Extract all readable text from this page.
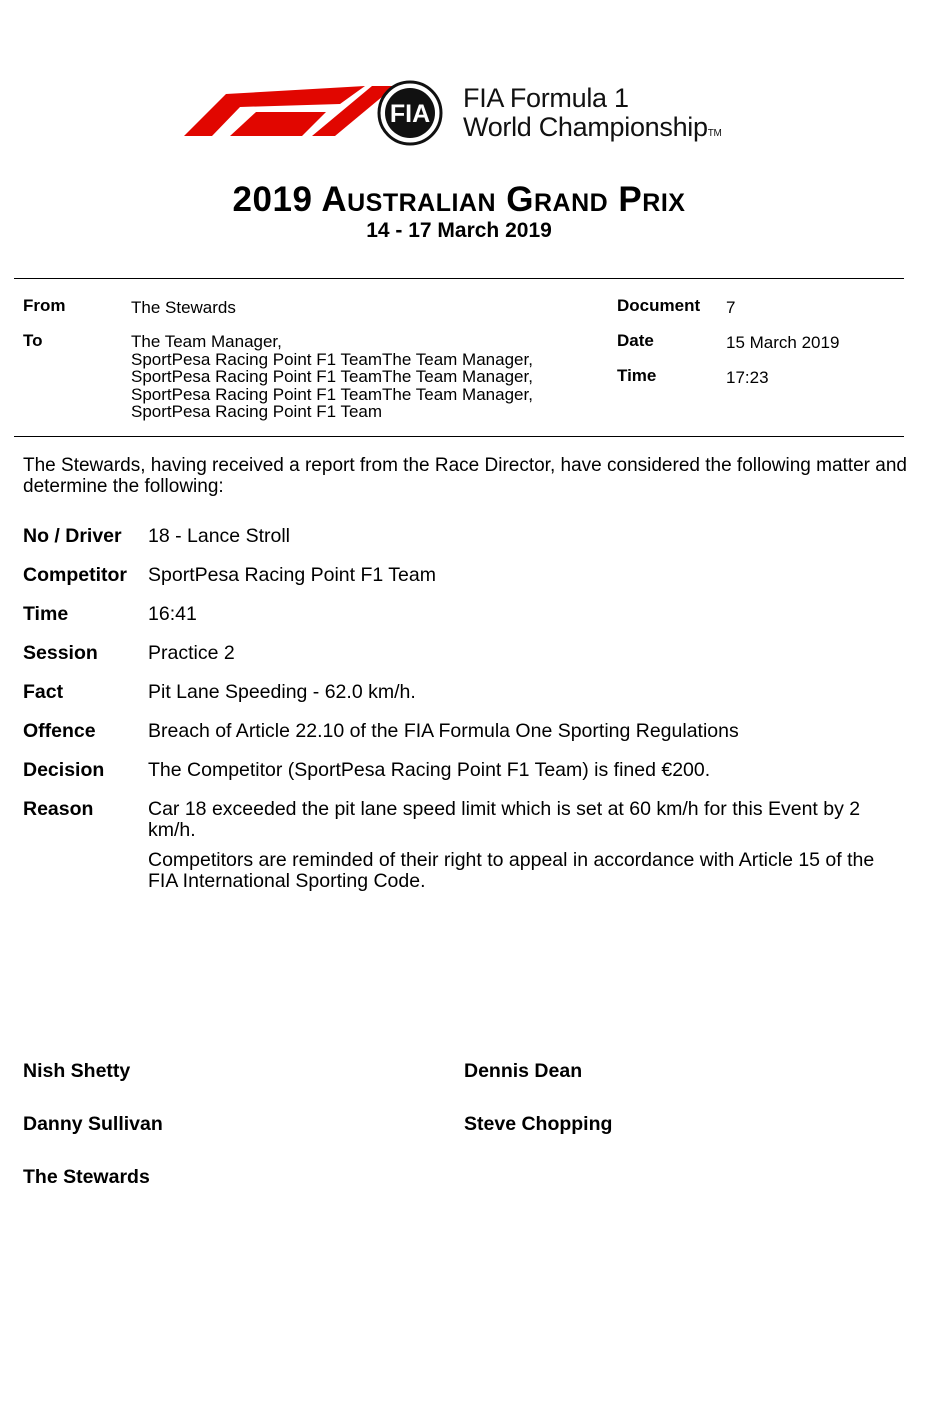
FIA
FIA Formula 1
World ChampionshipTM
2019 Australian Grand Prix
14 - 17 March 2019
From	The Stewards
To	The Team Manager,
SportPesa Racing Point F1 TeamThe Team Manager,
SportPesa Racing Point F1 TeamThe Team Manager,
SportPesa Racing Point F1 TeamThe Team Manager,
SportPesa Racing Point F1 Team
Document 7
Date	15 March 2019
Time	17:23
The Stewards, having received a report from the Race Director, have considered the following matter and determine the following:
No / Driver 18 - Lance Stroll
Competitor SportPesa Racing Point F1 Team
Time	16:41
Session	Practice 2
Fact	Pit Lane Speeding - 62.0 km/h.
Offence	Breach of Article 22.10 of the FIA Formula One Sporting Regulations
Decision The Competitor (SportPesa Racing Point F1 Team) is fined €200.
Reason	Car 18 exceeded the pit lane speed limit which is set at 60 km/h for this Event by 2 km/h.
Competitors are reminded of their right to appeal in accordance with Article 15 of the FIA International Sporting Code.
Nish Shetty	Dennis Dean
Danny Sullivan	Steve Chopping
The Stewards
